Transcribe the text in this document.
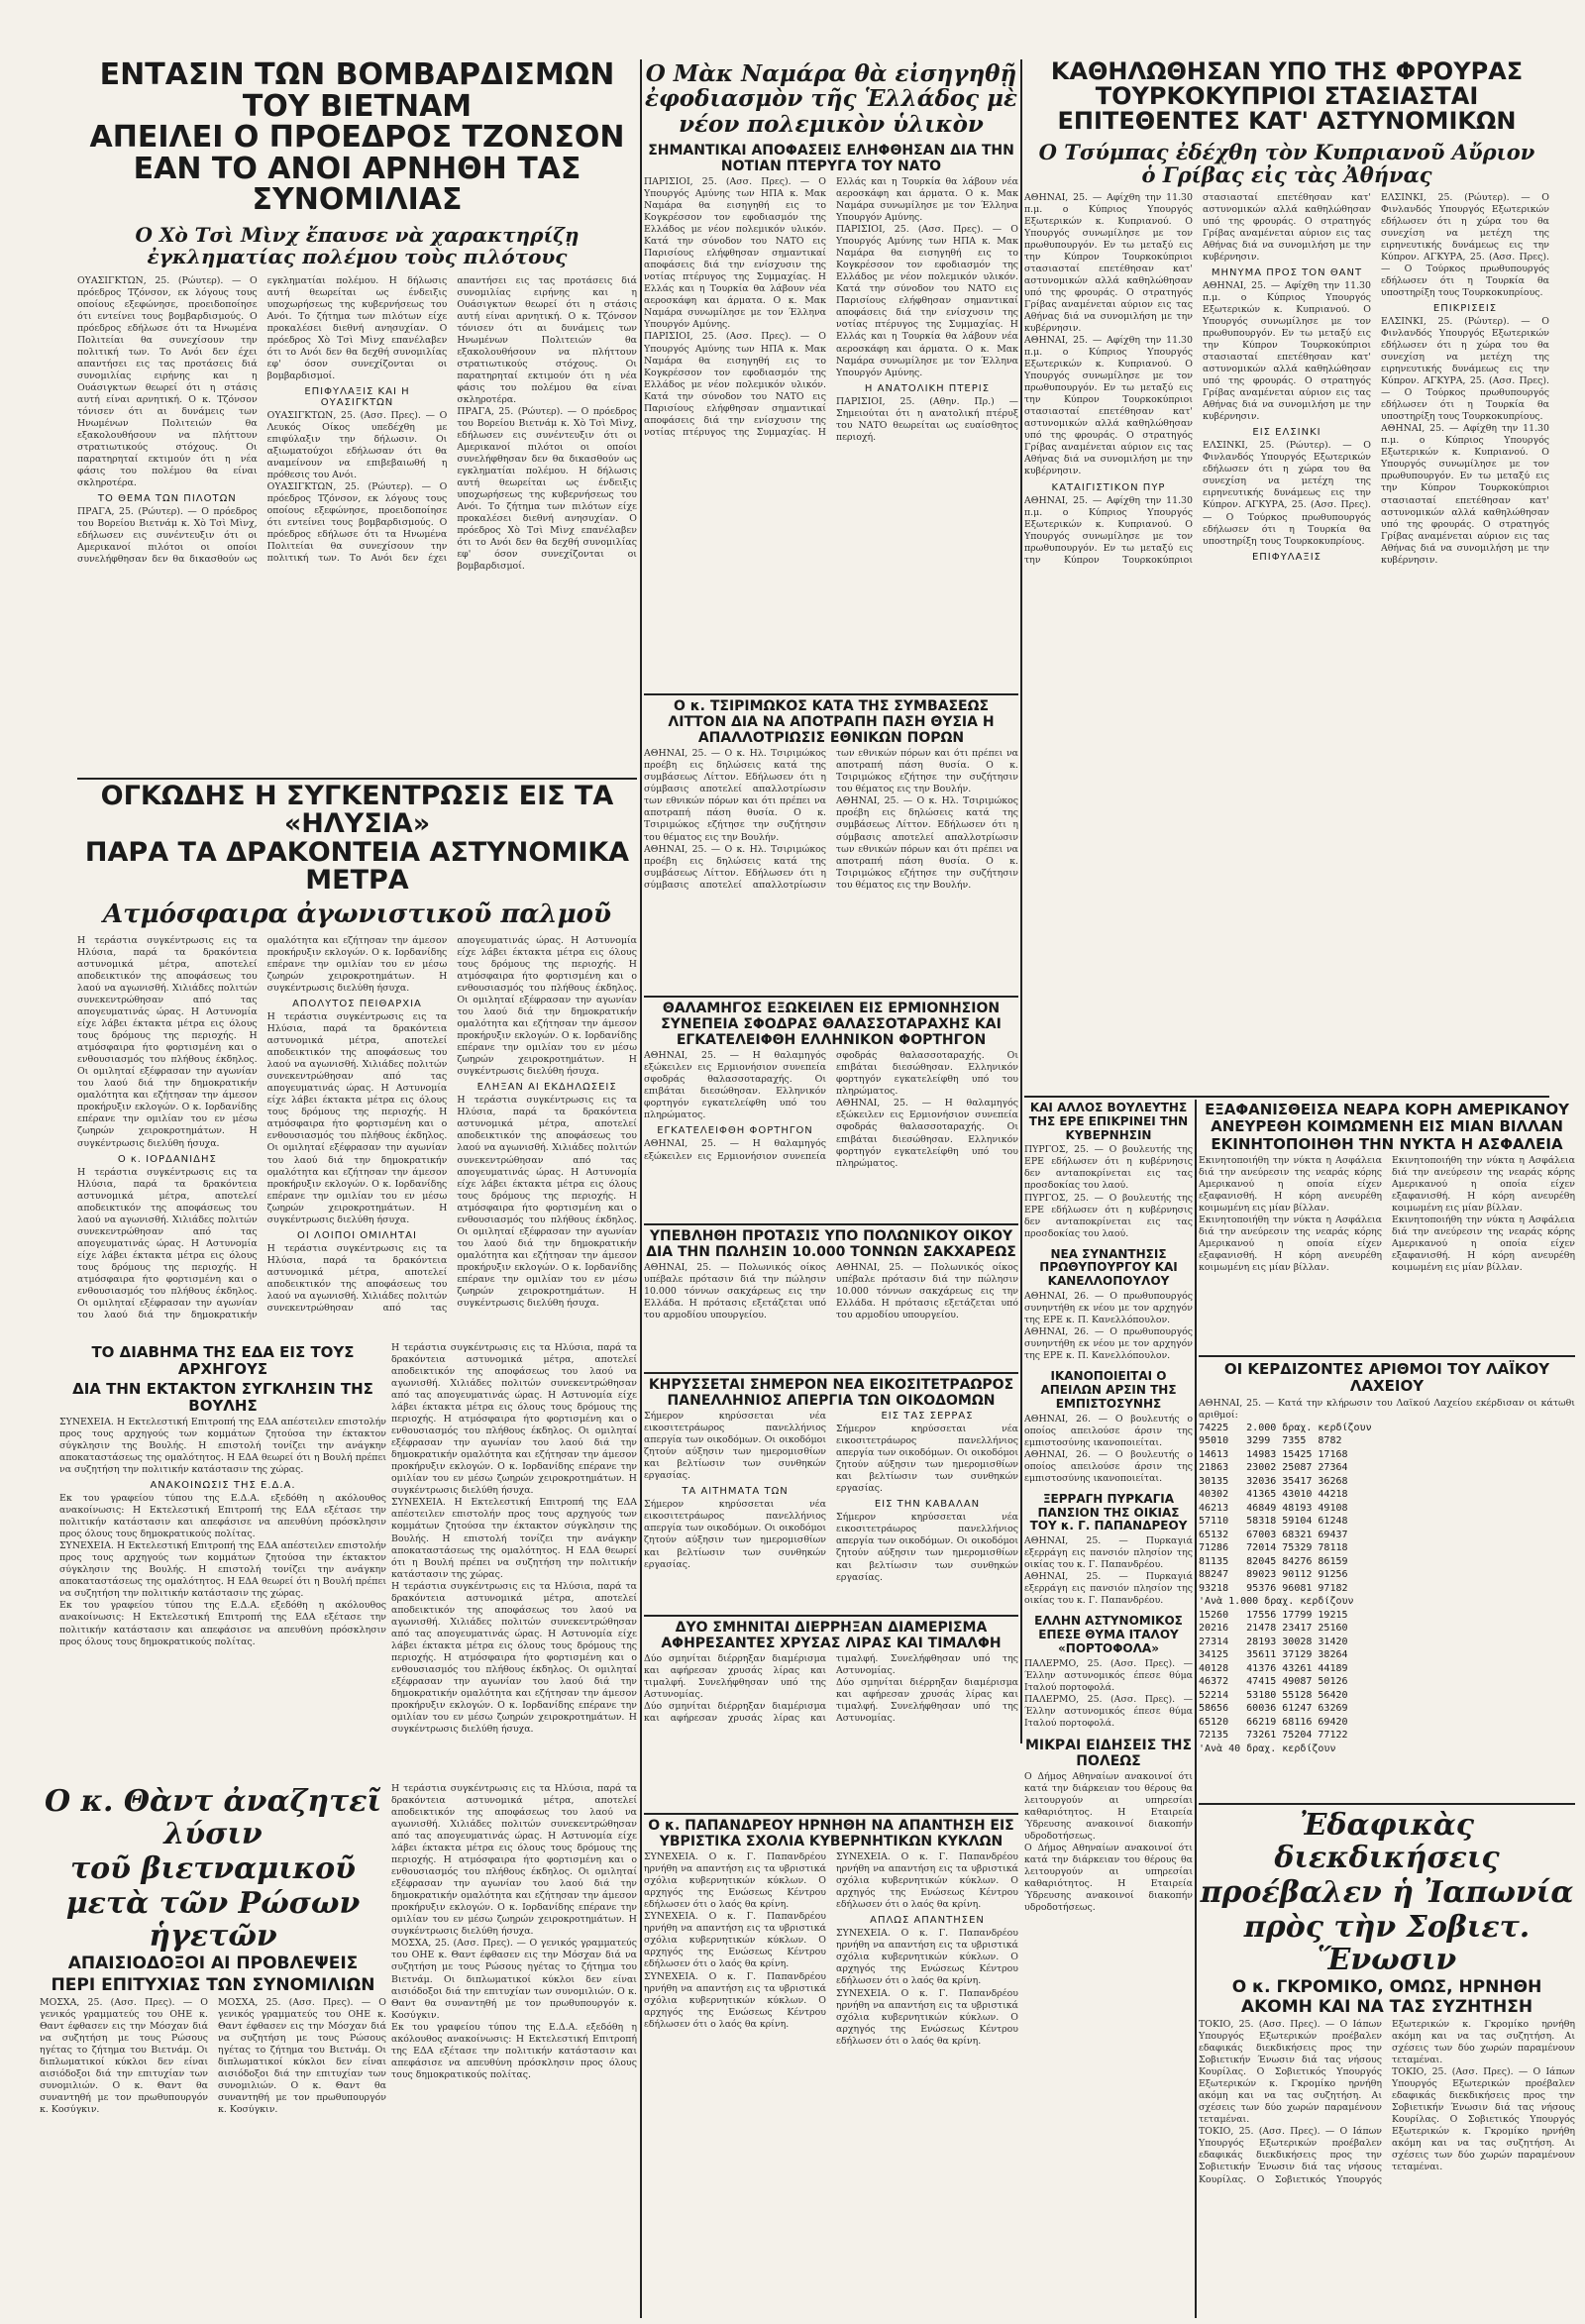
ΕΝΤΑΣΙΝ ΤΩΝ ΒΟΜΒΑΡΔΙΣΜΩΝ ΤΟΥ ΒΙΕΤΝΑΜ

ΑΠΕΙΛΕΙ Ο ΠΡΟΕΔΡΟΣ ΤΖΟΝΣΟΝ

ΕΑΝ ΤΟ ΑΝΟΙ ΑΡΝΗΘΗ ΤΑΣ ΣΥΝΟΜΙΛΙΑΣ

Ο Χὸ Τσὶ Μὶνχ ἔπαυσε νὰ χαρακτηρίζῃ ἐγκληματίας πολέμου τοὺς πιλότους

ΟΥΑΣΙΓΚΤΩΝ, 25. (Ρώυτερ). — Ο πρόεδρος Τζόνσον, εκ λόγους τους οποίους εξεφώνησε, προειδοποίησε ότι εντείνει τους βομβαρδισμούς. Ο πρόεδρος εδήλωσε ότι τα Ηνωμένα Πολιτείαι θα συνεχίσουν την πολιτική των. Το Ανόι δεν έχει απαντήσει εις τας προτάσεις διά συνομιλίας ειρήνης και η Ουάσιγκτων θεωρεί ότι η στάσις αυτή είναι αρνητική. Ο κ. Τζόνσον τόνισεν ότι αι δυνάμεις των Ηνωμένων Πολιτειών θα εξακολουθήσουν να πλήττουν στρατιωτικούς στόχους. Οι παρατηρηταί εκτιμούν ότι η νέα φάσις του πολέμου θα είναι σκληροτέρα.

ΤΟ ΘΕΜΑ ΤΩΝ ΠΙΛΟΤΩΝ

ΠΡΑΓΑ, 25. (Ρώυτερ). — Ο πρόεδρος του Βορείου Βιετνάμ κ. Χὸ Τσὶ Μὶνχ, εδήλωσεν εις συνέντευξιν ότι οι Αμερικανοί πιλότοι οι οποίοι συνελήφθησαν δεν θα δικασθούν ως εγκληματίαι πολέμου. Η δήλωσις αυτή θεωρείται ως ένδειξις υποχωρήσεως της κυβερνήσεως του Ανόι. Το ζήτημα των πιλότων είχε προκαλέσει διεθνή ανησυχίαν. Ο πρόεδρος Χὸ Τσὶ Μὶνχ επανέλαβεν ότι το Ανόι δεν θα δεχθή συνομιλίας εφ' όσον συνεχίζονται οι βομβαρδισμοί.

ΕΠΙΦΥΛΑΞΙΣ ΚΑΙ Η ΟΥΑΣΙΓΚΤΩΝ

ΟΥΑΣΙΓΚΤΩΝ, 25. (Ασσ. Πρες). — Ο Λευκός Οίκος υπεδέχθη με επιφύλαξιν την δήλωσιν. Οι αξιωματούχοι εδήλωσαν ότι θα αναμείνουν να επιβεβαιωθή η πρόθεσις του Ανόι.

ΟΥΑΣΙΓΚΤΩΝ, 25. (Ρώυτερ). — Ο πρόεδρος Τζόνσον, εκ λόγους τους οποίους εξεφώνησε, προειδοποίησε ότι εντείνει τους βομβαρδισμούς. Ο πρόεδρος εδήλωσε ότι τα Ηνωμένα Πολιτείαι θα συνεχίσουν την πολιτική των. Το Ανόι δεν έχει απαντήσει εις τας προτάσεις διά συνομιλίας ειρήνης και η Ουάσιγκτων θεωρεί ότι η στάσις αυτή είναι αρνητική. Ο κ. Τζόνσον τόνισεν ότι αι δυνάμεις των Ηνωμένων Πολιτειών θα εξακολουθήσουν να πλήττουν στρατιωτικούς στόχους. Οι παρατηρηταί εκτιμούν ότι η νέα φάσις του πολέμου θα είναι σκληροτέρα.

ΠΡΑΓΑ, 25. (Ρώυτερ). — Ο πρόεδρος του Βορείου Βιετνάμ κ. Χὸ Τσὶ Μὶνχ, εδήλωσεν εις συνέντευξιν ότι οι Αμερικανοί πιλότοι οι οποίοι συνελήφθησαν δεν θα δικασθούν ως εγκληματίαι πολέμου. Η δήλωσις αυτή θεωρείται ως ένδειξις υποχωρήσεως της κυβερνήσεως του Ανόι. Το ζήτημα των πιλότων είχε προκαλέσει διεθνή ανησυχίαν. Ο πρόεδρος Χὸ Τσὶ Μὶνχ επανέλαβεν ότι το Ανόι δεν θα δεχθή συνομιλίας εφ' όσον συνεχίζονται οι βομβαρδισμοί.

ΟΓΚΩΔΗΣ Η ΣΥΓΚΕΝΤΡΩΣΙΣ ΕΙΣ ΤΑ «ΗΛΥΣΙΑ»

ΠΑΡΑ ΤΑ ΔΡΑΚΟΝΤΕΙΑ ΑΣΤΥΝΟΜΙΚΑ ΜΕΤΡΑ

Ατμόσφαιρα ἀγωνιστικοῦ παλμοῦ

Η τεράστια συγκέντρωσις εις τα Ηλύσια, παρά τα δρακόντεια αστυνομικά μέτρα, αποτελεί αποδεικτικόν της αποφάσεως του λαού να αγωνισθή. Χιλιάδες πολιτών συνεκεντρώθησαν από τας απογευματινάς ώρας. Η Αστυνομία είχε λάβει έκτακτα μέτρα εις όλους τους δρόμους της περιοχής. Η ατμόσφαιρα ήτο φορτισμένη και ο ενθουσιασμός του πλήθους έκδηλος. Οι ομιληταί εξέφρασαν την αγωνίαν του λαού διά την δημοκρατικήν ομαλότητα και εζήτησαν την άμεσον προκήρυξιν εκλογών. Ο κ. Ιορδανίδης επέρανε την ομιλίαν του εν μέσω ζωηρών χειροκροτημάτων. Η συγκέντρωσις διελύθη ήσυχα.

Ο κ. ΙΟΡΔΑΝΙΔΗΣ

Η τεράστια συγκέντρωσις εις τα Ηλύσια, παρά τα δρακόντεια αστυνομικά μέτρα, αποτελεί αποδεικτικόν της αποφάσεως του λαού να αγωνισθή. Χιλιάδες πολιτών συνεκεντρώθησαν από τας απογευματινάς ώρας. Η Αστυνομία είχε λάβει έκτακτα μέτρα εις όλους τους δρόμους της περιοχής. Η ατμόσφαιρα ήτο φορτισμένη και ο ενθουσιασμός του πλήθους έκδηλος. Οι ομιληταί εξέφρασαν την αγωνίαν του λαού διά την δημοκρατικήν ομαλότητα και εζήτησαν την άμεσον προκήρυξιν εκλογών. Ο κ. Ιορδανίδης επέρανε την ομιλίαν του εν μέσω ζωηρών χειροκροτημάτων. Η συγκέντρωσις διελύθη ήσυχα.

ΑΠΟΛΥΤΟΣ ΠΕΙΘΑΡΧΙΑ

Η τεράστια συγκέντρωσις εις τα Ηλύσια, παρά τα δρακόντεια αστυνομικά μέτρα, αποτελεί αποδεικτικόν της αποφάσεως του λαού να αγωνισθή. Χιλιάδες πολιτών συνεκεντρώθησαν από τας απογευματινάς ώρας. Η Αστυνομία είχε λάβει έκτακτα μέτρα εις όλους τους δρόμους της περιοχής. Η ατμόσφαιρα ήτο φορτισμένη και ο ενθουσιασμός του πλήθους έκδηλος. Οι ομιληταί εξέφρασαν την αγωνίαν του λαού διά την δημοκρατικήν ομαλότητα και εζήτησαν την άμεσον προκήρυξιν εκλογών. Ο κ. Ιορδανίδης επέρανε την ομιλίαν του εν μέσω ζωηρών χειροκροτημάτων. Η συγκέντρωσις διελύθη ήσυχα.

ΟΙ ΛΟΙΠΟΙ ΟΜΙΛΗΤΑΙ

Η τεράστια συγκέντρωσις εις τα Ηλύσια, παρά τα δρακόντεια αστυνομικά μέτρα, αποτελεί αποδεικτικόν της αποφάσεως του λαού να αγωνισθή. Χιλιάδες πολιτών συνεκεντρώθησαν από τας απογευματινάς ώρας. Η Αστυνομία είχε λάβει έκτακτα μέτρα εις όλους τους δρόμους της περιοχής. Η ατμόσφαιρα ήτο φορτισμένη και ο ενθουσιασμός του πλήθους έκδηλος. Οι ομιληταί εξέφρασαν την αγωνίαν του λαού διά την δημοκρατικήν ομαλότητα και εζήτησαν την άμεσον προκήρυξιν εκλογών. Ο κ. Ιορδανίδης επέρανε την ομιλίαν του εν μέσω ζωηρών χειροκροτημάτων. Η συγκέντρωσις διελύθη ήσυχα.

ΕΛΗΞΑΝ ΑΙ ΕΚΔΗΛΩΣΕΙΣ

Η τεράστια συγκέντρωσις εις τα Ηλύσια, παρά τα δρακόντεια αστυνομικά μέτρα, αποτελεί αποδεικτικόν της αποφάσεως του λαού να αγωνισθή. Χιλιάδες πολιτών συνεκεντρώθησαν από τας απογευματινάς ώρας. Η Αστυνομία είχε λάβει έκτακτα μέτρα εις όλους τους δρόμους της περιοχής. Η ατμόσφαιρα ήτο φορτισμένη και ο ενθουσιασμός του πλήθους έκδηλος. Οι ομιληταί εξέφρασαν την αγωνίαν του λαού διά την δημοκρατικήν ομαλότητα και εζήτησαν την άμεσον προκήρυξιν εκλογών. Ο κ. Ιορδανίδης επέρανε την ομιλίαν του εν μέσω ζωηρών χειροκροτημάτων. Η συγκέντρωσις διελύθη ήσυχα.

ΤΟ ΔΙΑΒΗΜΑ ΤΗΣ ΕΔΑ ΕΙΣ ΤΟΥΣ ΑΡΧΗΓΟΥΣ

ΔΙΑ ΤΗΝ ΕΚΤΑΚΤΟΝ ΣΥΓΚΛΗΣΙΝ ΤΗΣ ΒΟΥΛΗΣ

ΣΥΝΕΧΕΙΑ. Η Εκτελεστική Επιτροπή της ΕΔΑ απέστειλεν επιστολήν προς τους αρχηγούς των κομμάτων ζητούσα την έκτακτον σύγκλησιν της Βουλής. Η επιστολή τονίζει την ανάγκην αποκαταστάσεως της ομαλότητος. Η ΕΔΑ θεωρεί ότι η Βουλή πρέπει να συζητήση την πολιτικήν κατάστασιν της χώρας.

ΑΝΑΚΟΙΝΩΣΙΣ ΤΗΣ Ε.Δ.Α.

Εκ του γραφείου τύπου της Ε.Δ.Α. εξεδόθη η ακόλουθος ανακοίνωσις: Η Εκτελεστική Επιτροπή της ΕΔΑ εξέτασε την πολιτικήν κατάστασιν και απεφάσισε να απευθύνη πρόσκλησιν προς όλους τους δημοκρατικούς πολίτας.

ΣΥΝΕΧΕΙΑ. Η Εκτελεστική Επιτροπή της ΕΔΑ απέστειλεν επιστολήν προς τους αρχηγούς των κομμάτων ζητούσα την έκτακτον σύγκλησιν της Βουλής. Η επιστολή τονίζει την ανάγκην αποκαταστάσεως της ομαλότητος. Η ΕΔΑ θεωρεί ότι η Βουλή πρέπει να συζητήση την πολιτικήν κατάστασιν της χώρας.

Εκ του γραφείου τύπου της Ε.Δ.Α. εξεδόθη η ακόλουθος ανακοίνωσις: Η Εκτελεστική Επιτροπή της ΕΔΑ εξέτασε την πολιτικήν κατάστασιν και απεφάσισε να απευθύνη πρόσκλησιν προς όλους τους δημοκρατικούς πολίτας.

Η τεράστια συγκέντρωσις εις τα Ηλύσια, παρά τα δρακόντεια αστυνομικά μέτρα, αποτελεί αποδεικτικόν της αποφάσεως του λαού να αγωνισθή. Χιλιάδες πολιτών συνεκεντρώθησαν από τας απογευματινάς ώρας. Η Αστυνομία είχε λάβει έκτακτα μέτρα εις όλους τους δρόμους της περιοχής. Η ατμόσφαιρα ήτο φορτισμένη και ο ενθουσιασμός του πλήθους έκδηλος. Οι ομιληταί εξέφρασαν την αγωνίαν του λαού διά την δημοκρατικήν ομαλότητα και εζήτησαν την άμεσον προκήρυξιν εκλογών. Ο κ. Ιορδανίδης επέρανε την ομιλίαν του εν μέσω ζωηρών χειροκροτημάτων. Η συγκέντρωσις διελύθη ήσυχα.

ΣΥΝΕΧΕΙΑ. Η Εκτελεστική Επιτροπή της ΕΔΑ απέστειλεν επιστολήν προς τους αρχηγούς των κομμάτων ζητούσα την έκτακτον σύγκλησιν της Βουλής. Η επιστολή τονίζει την ανάγκην αποκαταστάσεως της ομαλότητος. Η ΕΔΑ θεωρεί ότι η Βουλή πρέπει να συζητήση την πολιτικήν κατάστασιν της χώρας.

Η τεράστια συγκέντρωσις εις τα Ηλύσια, παρά τα δρακόντεια αστυνομικά μέτρα, αποτελεί αποδεικτικόν της αποφάσεως του λαού να αγωνισθή. Χιλιάδες πολιτών συνεκεντρώθησαν από τας απογευματινάς ώρας. Η Αστυνομία είχε λάβει έκτακτα μέτρα εις όλους τους δρόμους της περιοχής. Η ατμόσφαιρα ήτο φορτισμένη και ο ενθουσιασμός του πλήθους έκδηλος. Οι ομιληταί εξέφρασαν την αγωνίαν του λαού διά την δημοκρατικήν ομαλότητα και εζήτησαν την άμεσον προκήρυξιν εκλογών. Ο κ. Ιορδανίδης επέρανε την ομιλίαν του εν μέσω ζωηρών χειροκροτημάτων. Η συγκέντρωσις διελύθη ήσυχα.

Ο κ. Θὰντ ἀναζητεῖ λύσιν

τοῦ βιετναμικοῦ

μετὰ τῶν Ρώσων ἡγετῶν

ΑΠΑΙΣΙΟΔΟΞΟΙ ΑΙ ΠΡΟΒΛΕΨΕΙΣ

ΠΕΡΙ ΕΠΙΤΥΧΙΑΣ ΤΩΝ ΣΥΝΟΜΙΛΙΩΝ

ΜΟΣΧΑ, 25. (Ασσ. Πρες). — Ο γενικός γραμματεύς του ΟΗΕ κ. Θαντ έφθασεν εις την Μόσχαν διά να συζητήση με τους Ρώσους ηγέτας το ζήτημα του Βιετνάμ. Οι διπλωματικοί κύκλοι δεν είναι αισιόδοξοι διά την επιτυχίαν των συνομιλιών. Ο κ. Θαντ θα συναντηθή με τον πρωθυπουργόν κ. Κοσύγκιν.

ΜΟΣΧΑ, 25. (Ασσ. Πρες). — Ο γενικός γραμματεύς του ΟΗΕ κ. Θαντ έφθασεν εις την Μόσχαν διά να συζητήση με τους Ρώσους ηγέτας το ζήτημα του Βιετνάμ. Οι διπλωματικοί κύκλοι δεν είναι αισιόδοξοι διά την επιτυχίαν των συνομιλιών. Ο κ. Θαντ θα συναντηθή με τον πρωθυπουργόν κ. Κοσύγκιν.

Η τεράστια συγκέντρωσις εις τα Ηλύσια, παρά τα δρακόντεια αστυνομικά μέτρα, αποτελεί αποδεικτικόν της αποφάσεως του λαού να αγωνισθή. Χιλιάδες πολιτών συνεκεντρώθησαν από τας απογευματινάς ώρας. Η Αστυνομία είχε λάβει έκτακτα μέτρα εις όλους τους δρόμους της περιοχής. Η ατμόσφαιρα ήτο φορτισμένη και ο ενθουσιασμός του πλήθους έκδηλος. Οι ομιληταί εξέφρασαν την αγωνίαν του λαού διά την δημοκρατικήν ομαλότητα και εζήτησαν την άμεσον προκήρυξιν εκλογών. Ο κ. Ιορδανίδης επέρανε την ομιλίαν του εν μέσω ζωηρών χειροκροτημάτων. Η συγκέντρωσις διελύθη ήσυχα.

ΜΟΣΧΑ, 25. (Ασσ. Πρες). — Ο γενικός γραμματεύς του ΟΗΕ κ. Θαντ έφθασεν εις την Μόσχαν διά να συζητήση με τους Ρώσους ηγέτας το ζήτημα του Βιετνάμ. Οι διπλωματικοί κύκλοι δεν είναι αισιόδοξοι διά την επιτυχίαν των συνομιλιών. Ο κ. Θαντ θα συναντηθή με τον πρωθυπουργόν κ. Κοσύγκιν.

Εκ του γραφείου τύπου της Ε.Δ.Α. εξεδόθη η ακόλουθος ανακοίνωσις: Η Εκτελεστική Επιτροπή της ΕΔΑ εξέτασε την πολιτικήν κατάστασιν και απεφάσισε να απευθύνη πρόσκλησιν προς όλους τους δημοκρατικούς πολίτας.

Ο Μὰκ Ναμάρα θὰ εἰσηγηθῇ ἐφοδιασμὸν τῆς Ἑλλάδος μὲ νέον πολεμικὸν ὑλικὸν

ΣΗΜΑΝΤΙΚΑΙ ΑΠΟΦΑΣΕΙΣ ΕΛΗΦΘΗΣΑΝ ΔΙΑ ΤΗΝ ΝΟΤΙΑΝ ΠΤΕΡΥΓΑ ΤΟΥ ΝΑΤΟ

ΠΑΡΙΣΙΟΙ, 25. (Ασσ. Πρες). — Ο Υπουργός Αμύνης των ΗΠΑ κ. Μακ Ναμάρα θα εισηγηθή εις το Κογκρέσσον τον εφοδιασμόν της Ελλάδος με νέον πολεμικόν υλικόν. Κατά την σύνοδον του ΝΑΤΟ εις Παρισίους ελήφθησαν σημαντικαί αποφάσεις διά την ενίσχυσιν της νοτίας πτέρυγος της Συμμαχίας. Η Ελλάς και η Τουρκία θα λάβουν νέα αεροσκάφη και άρματα. Ο κ. Μακ Ναμάρα συνωμίλησε με τον Έλληνα Υπουργόν Αμύνης.

ΠΑΡΙΣΙΟΙ, 25. (Ασσ. Πρες). — Ο Υπουργός Αμύνης των ΗΠΑ κ. Μακ Ναμάρα θα εισηγηθή εις το Κογκρέσσον τον εφοδιασμόν της Ελλάδος με νέον πολεμικόν υλικόν. Κατά την σύνοδον του ΝΑΤΟ εις Παρισίους ελήφθησαν σημαντικαί αποφάσεις διά την ενίσχυσιν της νοτίας πτέρυγος της Συμμαχίας. Η Ελλάς και η Τουρκία θα λάβουν νέα αεροσκάφη και άρματα. Ο κ. Μακ Ναμάρα συνωμίλησε με τον Έλληνα Υπουργόν Αμύνης.

ΠΑΡΙΣΙΟΙ, 25. (Ασσ. Πρες). — Ο Υπουργός Αμύνης των ΗΠΑ κ. Μακ Ναμάρα θα εισηγηθή εις το Κογκρέσσον τον εφοδιασμόν της Ελλάδος με νέον πολεμικόν υλικόν. Κατά την σύνοδον του ΝΑΤΟ εις Παρισίους ελήφθησαν σημαντικαί αποφάσεις διά την ενίσχυσιν της νοτίας πτέρυγος της Συμμαχίας. Η Ελλάς και η Τουρκία θα λάβουν νέα αεροσκάφη και άρματα. Ο κ. Μακ Ναμάρα συνωμίλησε με τον Έλληνα Υπουργόν Αμύνης.

Η ΑΝΑΤΟΛΙΚΗ ΠΤΕΡΙΣ

ΠΑΡΙΣΙΟΙ, 25. (Αθην. Πρ.) — Σημειούται ότι η ανατολική πτέρυξ του ΝΑΤΟ θεωρείται ως ευαίσθητος περιοχή.

Ο κ. ΤΣΙΡΙΜΩΚΟΣ ΚΑΤΑ ΤΗΣ ΣΥΜΒΑΣΕΩΣ ΛΙΤΤΟΝ ΔΙΑ ΝΑ ΑΠΟΤΡΑΠΗ ΠΑΣΗ ΘΥΣΙΑ Η ΑΠΑΛΛΟΤΡΙΩΣΙΣ ΕΘΝΙΚΩΝ ΠΟΡΩΝ

ΑΘΗΝΑΙ, 25. — Ο κ. Ηλ. Τσιριμώκος προέβη εις δηλώσεις κατά της συμβάσεως Λίττον. Εδήλωσεν ότι η σύμβασις αποτελεί απαλλοτρίωσιν των εθνικών πόρων και ότι πρέπει να αποτραπή πάση θυσία. Ο κ. Τσιριμώκος εζήτησε την συζήτησιν του θέματος εις την Βουλήν.

ΑΘΗΝΑΙ, 25. — Ο κ. Ηλ. Τσιριμώκος προέβη εις δηλώσεις κατά της συμβάσεως Λίττον. Εδήλωσεν ότι η σύμβασις αποτελεί απαλλοτρίωσιν των εθνικών πόρων και ότι πρέπει να αποτραπή πάση θυσία. Ο κ. Τσιριμώκος εζήτησε την συζήτησιν του θέματος εις την Βουλήν.

ΑΘΗΝΑΙ, 25. — Ο κ. Ηλ. Τσιριμώκος προέβη εις δηλώσεις κατά της συμβάσεως Λίττον. Εδήλωσεν ότι η σύμβασις αποτελεί απαλλοτρίωσιν των εθνικών πόρων και ότι πρέπει να αποτραπή πάση θυσία. Ο κ. Τσιριμώκος εζήτησε την συζήτησιν του θέματος εις την Βουλήν.

ΘΑΛΑΜΗΓΟΣ ΕΞΩΚΕΙΛΕΝ ΕΙΣ ΕΡΜΙΟΝΗΣΙΟΝ ΣΥΝΕΠΕΙΑ ΣΦΟΔΡΑΣ ΘΑΛΑΣΣΟΤΑΡΑΧΗΣ ΚΑΙ ΕΓΚΑΤΕΛΕΙΦΘΗ ΕΛΛΗΝΙΚΟΝ ΦΟΡΤΗΓΟΝ

ΑΘΗΝΑΙ, 25. — Η θαλαμηγός εξώκειλεν εις Ερμιονήσιον συνεπεία σφοδράς θαλασσοταραχής. Οι επιβάται διεσώθησαν. Ελληνικόν φορτηγόν εγκατελείφθη υπό του πληρώματος.

ΕΓΚΑΤΕΛΕΙΦΘΗ ΦΟΡΤΗΓΟΝ

ΑΘΗΝΑΙ, 25. — Η θαλαμηγός εξώκειλεν εις Ερμιονήσιον συνεπεία σφοδράς θαλασσοταραχής. Οι επιβάται διεσώθησαν. Ελληνικόν φορτηγόν εγκατελείφθη υπό του πληρώματος.

ΑΘΗΝΑΙ, 25. — Η θαλαμηγός εξώκειλεν εις Ερμιονήσιον συνεπεία σφοδράς θαλασσοταραχής. Οι επιβάται διεσώθησαν. Ελληνικόν φορτηγόν εγκατελείφθη υπό του πληρώματος.

ΥΠΕΒΛΗΘΗ ΠΡΟΤΑΣΙΣ ΥΠΟ ΠΟΛΩΝΙΚΟΥ ΟΙΚΟΥ ΔΙΑ ΤΗΝ ΠΩΛΗΣΙΝ 10.000 ΤΟΝΝΩΝ ΣΑΚΧΑΡΕΩΣ

ΑΘΗΝΑΙ, 25. — Πολωνικός οίκος υπέβαλε πρότασιν διά την πώλησιν 10.000 τόννων σακχάρεως εις την Ελλάδα. Η πρότασις εξετάζεται υπό του αρμοδίου υπουργείου.

ΑΘΗΝΑΙ, 25. — Πολωνικός οίκος υπέβαλε πρότασιν διά την πώλησιν 10.000 τόννων σακχάρεως εις την Ελλάδα. Η πρότασις εξετάζεται υπό του αρμοδίου υπουργείου.

ΚΗΡΥΣΣΕΤΑΙ ΣΗΜΕΡΟΝ ΝΕΑ ΕΙΚΟΣΙΤΕΤΡΑΩΡΟΣ ΠΑΝΕΛΛΗΝΙΟΣ ΑΠΕΡΓΙΑ ΤΩΝ ΟΙΚΟΔΟΜΩΝ

Σήμερον κηρύσσεται νέα εικοσιτετράωρος πανελλήνιος απεργία των οικοδόμων. Οι οικοδόμοι ζητούν αύξησιν των ημερομισθίων και βελτίωσιν των συνθηκών εργασίας.

ΤΑ ΑΙΤΗΜΑΤΑ ΤΩΝ

Σήμερον κηρύσσεται νέα εικοσιτετράωρος πανελλήνιος απεργία των οικοδόμων. Οι οικοδόμοι ζητούν αύξησιν των ημερομισθίων και βελτίωσιν των συνθηκών εργασίας.

ΕΙΣ ΤΑΣ ΣΕΡΡΑΣ

Σήμερον κηρύσσεται νέα εικοσιτετράωρος πανελλήνιος απεργία των οικοδόμων. Οι οικοδόμοι ζητούν αύξησιν των ημερομισθίων και βελτίωσιν των συνθηκών εργασίας.

ΕΙΣ ΤΗΝ ΚΑΒΑΛΑΝ

Σήμερον κηρύσσεται νέα εικοσιτετράωρος πανελλήνιος απεργία των οικοδόμων. Οι οικοδόμοι ζητούν αύξησιν των ημερομισθίων και βελτίωσιν των συνθηκών εργασίας.

ΔΥΟ ΣΜΗΝΙΤΑΙ ΔΙΕΡΡΗΞΑΝ ΔΙΑΜΕΡΙΣΜΑ ΑΦΗΡΕΣΑΝΤΕΣ ΧΡΥΣΑΣ ΛΙΡΑΣ ΚΑΙ ΤΙΜΑΛΦΗ

Δύο σμηνίται διέρρηξαν διαμέρισμα και αφήρεσαν χρυσάς λίρας και τιμαλφή. Συνελήφθησαν υπό της Αστυνομίας.

Δύο σμηνίται διέρρηξαν διαμέρισμα και αφήρεσαν χρυσάς λίρας και τιμαλφή. Συνελήφθησαν υπό της Αστυνομίας.

Δύο σμηνίται διέρρηξαν διαμέρισμα και αφήρεσαν χρυσάς λίρας και τιμαλφή. Συνελήφθησαν υπό της Αστυνομίας.

Ο κ. ΠΑΠΑΝΔΡΕΟΥ ΗΡΝΗΘΗ ΝΑ ΑΠΑΝΤΗΣΗ ΕΙΣ ΥΒΡΙΣΤΙΚΑ ΣΧΟΛΙΑ ΚΥΒΕΡΝΗΤΙΚΩΝ ΚΥΚΛΩΝ

ΣΥΝΕΧΕΙΑ. Ο κ. Γ. Παπανδρέου ηρνήθη να απαντήση εις τα υβριστικά σχόλια κυβερνητικών κύκλων. Ο αρχηγός της Ενώσεως Κέντρου εδήλωσεν ότι ο λαός θα κρίνη.

ΣΥΝΕΧΕΙΑ. Ο κ. Γ. Παπανδρέου ηρνήθη να απαντήση εις τα υβριστικά σχόλια κυβερνητικών κύκλων. Ο αρχηγός της Ενώσεως Κέντρου εδήλωσεν ότι ο λαός θα κρίνη.

ΣΥΝΕΧΕΙΑ. Ο κ. Γ. Παπανδρέου ηρνήθη να απαντήση εις τα υβριστικά σχόλια κυβερνητικών κύκλων. Ο αρχηγός της Ενώσεως Κέντρου εδήλωσεν ότι ο λαός θα κρίνη.

ΣΥΝΕΧΕΙΑ. Ο κ. Γ. Παπανδρέου ηρνήθη να απαντήση εις τα υβριστικά σχόλια κυβερνητικών κύκλων. Ο αρχηγός της Ενώσεως Κέντρου εδήλωσεν ότι ο λαός θα κρίνη.

ΑΠΛΩΣ ΑΠΑΝΤΗΣΕΝ

ΣΥΝΕΧΕΙΑ. Ο κ. Γ. Παπανδρέου ηρνήθη να απαντήση εις τα υβριστικά σχόλια κυβερνητικών κύκλων. Ο αρχηγός της Ενώσεως Κέντρου εδήλωσεν ότι ο λαός θα κρίνη.

ΣΥΝΕΧΕΙΑ. Ο κ. Γ. Παπανδρέου ηρνήθη να απαντήση εις τα υβριστικά σχόλια κυβερνητικών κύκλων. Ο αρχηγός της Ενώσεως Κέντρου εδήλωσεν ότι ο λαός θα κρίνη.

ΚΑΘΗΛΩΘΗΣΑΝ ΥΠΟ ΤΗΣ ΦΡΟΥΡΑΣ ΤΟΥΡΚΟΚΥΠΡΙΟΙ ΣΤΑΣΙΑΣΤΑΙ ΕΠΙΤΕΘΕΝΤΕΣ ΚΑΤ' ΑΣΤΥΝΟΜΙΚΩΝ

Ο Τσύμπας ἐδέχθη τὸν Κυπριανοῦ Αὔριον ὁ Γρίβας εἰς τὰς Ἀθήνας

ΑΘΗΝΑΙ, 25. — Αφίχθη την 11.30 π.μ. ο Κύπριος Υπουργός Εξωτερικών κ. Κυπριανού. Ο Υπουργός συνωμίλησε με τον πρωθυπουργόν. Εν τω μεταξύ εις την Κύπρον Τουρκοκύπριοι στασιασταί επετέθησαν κατ' αστυνομικών αλλά καθηλώθησαν υπό της φρουράς. Ο στρατηγός Γρίβας αναμένεται αύριον εις τας Αθήνας διά να συνομιλήση με την κυβέρνησιν.

ΑΘΗΝΑΙ, 25. — Αφίχθη την 11.30 π.μ. ο Κύπριος Υπουργός Εξωτερικών κ. Κυπριανού. Ο Υπουργός συνωμίλησε με τον πρωθυπουργόν. Εν τω μεταξύ εις την Κύπρον Τουρκοκύπριοι στασιασταί επετέθησαν κατ' αστυνομικών αλλά καθηλώθησαν υπό της φρουράς. Ο στρατηγός Γρίβας αναμένεται αύριον εις τας Αθήνας διά να συνομιλήση με την κυβέρνησιν.

ΚΑΤΑΙΓΙΣΤΙΚΟΝ ΠΥΡ

ΑΘΗΝΑΙ, 25. — Αφίχθη την 11.30 π.μ. ο Κύπριος Υπουργός Εξωτερικών κ. Κυπριανού. Ο Υπουργός συνωμίλησε με τον πρωθυπουργόν. Εν τω μεταξύ εις την Κύπρον Τουρκοκύπριοι στασιασταί επετέθησαν κατ' αστυνομικών αλλά καθηλώθησαν υπό της φρουράς. Ο στρατηγός Γρίβας αναμένεται αύριον εις τας Αθήνας διά να συνομιλήση με την κυβέρνησιν.

ΜΗΝΥΜΑ ΠΡΟΣ ΤΟΝ ΘΑΝΤ

ΑΘΗΝΑΙ, 25. — Αφίχθη την 11.30 π.μ. ο Κύπριος Υπουργός Εξωτερικών κ. Κυπριανού. Ο Υπουργός συνωμίλησε με τον πρωθυπουργόν. Εν τω μεταξύ εις την Κύπρον Τουρκοκύπριοι στασιασταί επετέθησαν κατ' αστυνομικών αλλά καθηλώθησαν υπό της φρουράς. Ο στρατηγός Γρίβας αναμένεται αύριον εις τας Αθήνας διά να συνομιλήση με την κυβέρνησιν.

ΕΙΣ ΕΛΣΙΝΚΙ

ΕΛΣΙΝΚΙ, 25. (Ρώυτερ). — Ο Φινλανδός Υπουργός Εξωτερικών εδήλωσεν ότι η χώρα του θα συνεχίση να μετέχη της ειρηνευτικής δυνάμεως εις την Κύπρον. ΑΓΚΥΡΑ, 25. (Ασσ. Πρες). — Ο Τούρκος πρωθυπουργός εδήλωσεν ότι η Τουρκία θα υποστηρίξη τους Τουρκοκυπρίους.

ΕΠΙΦΥΛΑΞΙΣ

ΕΛΣΙΝΚΙ, 25. (Ρώυτερ). — Ο Φινλανδός Υπουργός Εξωτερικών εδήλωσεν ότι η χώρα του θα συνεχίση να μετέχη της ειρηνευτικής δυνάμεως εις την Κύπρον. ΑΓΚΥΡΑ, 25. (Ασσ. Πρες). — Ο Τούρκος πρωθυπουργός εδήλωσεν ότι η Τουρκία θα υποστηρίξη τους Τουρκοκυπρίους.

ΕΠΙΚΡΙΣΕΙΣ

ΕΛΣΙΝΚΙ, 25. (Ρώυτερ). — Ο Φινλανδός Υπουργός Εξωτερικών εδήλωσεν ότι η χώρα του θα συνεχίση να μετέχη της ειρηνευτικής δυνάμεως εις την Κύπρον. ΑΓΚΥΡΑ, 25. (Ασσ. Πρες). — Ο Τούρκος πρωθυπουργός εδήλωσεν ότι η Τουρκία θα υποστηρίξη τους Τουρκοκυπρίους.

ΑΘΗΝΑΙ, 25. — Αφίχθη την 11.30 π.μ. ο Κύπριος Υπουργός Εξωτερικών κ. Κυπριανού. Ο Υπουργός συνωμίλησε με τον πρωθυπουργόν. Εν τω μεταξύ εις την Κύπρον Τουρκοκύπριοι στασιασταί επετέθησαν κατ' αστυνομικών αλλά καθηλώθησαν υπό της φρουράς. Ο στρατηγός Γρίβας αναμένεται αύριον εις τας Αθήνας διά να συνομιλήση με την κυβέρνησιν.

ΚΑΙ ΑΛΛΟΣ ΒΟΥΛΕΥΤΗΣ ΤΗΣ ΕΡΕ ΕΠΙΚΡΙΝΕΙ ΤΗΝ ΚΥΒΕΡΝΗΣΙΝ

ΠΥΡΓΟΣ, 25. — Ο βουλευτής της ΕΡΕ εδήλωσεν ότι η κυβέρνησις δεν ανταποκρίνεται εις τας προσδοκίας του λαού.

ΠΥΡΓΟΣ, 25. — Ο βουλευτής της ΕΡΕ εδήλωσεν ότι η κυβέρνησις δεν ανταποκρίνεται εις τας προσδοκίας του λαού.

ΝΕΑ ΣΥΝΑΝΤΗΣΙΣ ΠΡΩΘΥΠΟΥΡΓΟΥ ΚΑΙ ΚΑΝΕΛΛΟΠΟΥΛΟΥ

ΑΘΗΝΑΙ, 26. — Ο πρωθυπουργός συνηντήθη εκ νέου με τον αρχηγόν της ΕΡΕ κ. Π. Κανελλόπουλον.

ΑΘΗΝΑΙ, 26. — Ο πρωθυπουργός συνηντήθη εκ νέου με τον αρχηγόν της ΕΡΕ κ. Π. Κανελλόπουλον.

ΙΚΑΝΟΠΟΙΕΙΤΑΙ Ο ΑΠΕΙΛΩΝ ΑΡΣΙΝ ΤΗΣ ΕΜΠΙΣΤΟΣΥΝΗΣ

ΑΘΗΝΑΙ, 26. — Ο βουλευτής ο οποίος απειλούσε άρσιν της εμπιστοσύνης ικανοποιείται.

ΑΘΗΝΑΙ, 26. — Ο βουλευτής ο οποίος απειλούσε άρσιν της εμπιστοσύνης ικανοποιείται.

ΞΕΡΡΑΓΗ ΠΥΡΚΑΓΙΑ ΠΑΝΣΙΟΝ ΤΗΣ ΟΙΚΙΑΣ ΤΟΥ κ. Γ. ΠΑΠΑΝΔΡΕΟΥ

ΑΘΗΝΑΙ, 25. — Πυρκαγιά εξερράγη εις πανσιόν πλησίον της οικίας του κ. Γ. Παπανδρέου.

ΑΘΗΝΑΙ, 25. — Πυρκαγιά εξερράγη εις πανσιόν πλησίον της οικίας του κ. Γ. Παπανδρέου.

ΕΛΛΗΝ ΑΣΤΥΝΟΜΙΚΟΣ ΕΠΕΣΕ ΘΥΜΑ ΙΤΑΛΟΥ «ΠΟΡΤΟΦΟΛΑ»

ΠΑΛΕΡΜΟ, 25. (Ασσ. Πρες). — Έλλην αστυνομικός έπεσε θύμα Ιταλού πορτοφολά.

ΠΑΛΕΡΜΟ, 25. (Ασσ. Πρες). — Έλλην αστυνομικός έπεσε θύμα Ιταλού πορτοφολά.

ΜΙΚΡΑΙ ΕΙΔΗΣΕΙΣ ΤΗΣ ΠΟΛΕΩΣ

Ο Δήμος Αθηναίων ανακοινοί ότι κατά την διάρκειαν του θέρους θα λειτουργούν αι υπηρεσίαι καθαριότητος. Η Εταιρεία Ύδρευσης ανακοινοί διακοπήν υδροδοτήσεως.

Ο Δήμος Αθηναίων ανακοινοί ότι κατά την διάρκειαν του θέρους θα λειτουργούν αι υπηρεσίαι καθαριότητος. Η Εταιρεία Ύδρευσης ανακοινοί διακοπήν υδροδοτήσεως.

ΕΞΑΦΑΝΙΣΘΕΙΣΑ ΝΕΑΡΑ ΚΟΡΗ ΑΜΕΡΙΚΑΝΟΥ ΑΝΕΥΡΕΘΗ ΚΟΙΜΩΜΕΝΗ ΕΙΣ ΜΙΑΝ ΒΙΛΛΑΝ ΕΚΙΝΗΤΟΠΟΙΗΘΗ ΤΗΝ ΝΥΚΤΑ Η ΑΣΦΑΛΕΙΑ

Εκινητοποιήθη την νύκτα η Ασφάλεια διά την ανεύρεσιν της νεαράς κόρης Αμερικανού η οποία είχεν εξαφανισθή. Η κόρη ανευρέθη κοιμωμένη εις μίαν βίλλαν.

Εκινητοποιήθη την νύκτα η Ασφάλεια διά την ανεύρεσιν της νεαράς κόρης Αμερικανού η οποία είχεν εξαφανισθή. Η κόρη ανευρέθη κοιμωμένη εις μίαν βίλλαν.

Εκινητοποιήθη την νύκτα η Ασφάλεια διά την ανεύρεσιν της νεαράς κόρης Αμερικανού η οποία είχεν εξαφανισθή. Η κόρη ανευρέθη κοιμωμένη εις μίαν βίλλαν.

Εκινητοποιήθη την νύκτα η Ασφάλεια διά την ανεύρεσιν της νεαράς κόρης Αμερικανού η οποία είχεν εξαφανισθή. Η κόρη ανευρέθη κοιμωμένη εις μίαν βίλλαν.

ΟΙ ΚΕΡΔΙΖΟΝΤΕΣ ΑΡΙΘΜΟΙ ΤΟΥ ΛΑΪΚΟΥ ΛΑΧΕΙΟΥ

ΑΘΗΝΑΙ, 25. — Κατά την κλήρωσιν του Λαϊκού Λαχείου εκέρδισαν οι κάτωθι αριθμοί:

74225   2.000 δραχ. κερδίζουν
95010   3299  7355  8782
14613   14983 15425 17168
21863   23002 25087 27364
30135   32036 35417 36268
40302   41365 43010 44218
46213   46849 48193 49108
57110   58318 59104 61248
65132   67003 68321 69437
71286   72014 75329 78118
81135   82045 84276 86159
88247   89023 90112 91256
93218   95376 96081 97182
'Ανὰ 1.000 δραχ. κερδίζουν
15260   17556 17799 19215
20216   21478 23417 25160
27314   28193 30028 31420
34125   35611 37129 38264
40128   41376 43261 44189
46372   47415 49087 50126
52214   53180 55128 56420
58656   60036 61247 63269
65120   66219 68116 69420
72135   73261 75204 77122
'Ανὰ 40 δραχ. κερδίζουν

Ἐδαφικὰς διεκδικήσεις

προέβαλεν ἡ Ἰαπωνία

πρὸς τὴν Σοβιετ. Ἕνωσιν

Ο κ. ΓΚΡΟΜΙΚΟ, ΟΜΩΣ, ΗΡΝΗΘΗ ΑΚΟΜΗ ΚΑΙ ΝΑ ΤΑΣ ΣΥΖΗΤΗΣΗ

ΤΟΚΙΟ, 25. (Ασσ. Πρες). — Ο Ιάπων Υπουργός Εξωτερικών προέβαλεν εδαφικάς διεκδικήσεις προς την Σοβιετικήν Ένωσιν διά τας νήσους Κουρίλας. Ο Σοβιετικός Υπουργός Εξωτερικών κ. Γκρομίκο ηρνήθη ακόμη και να τας συζητήση. Αι σχέσεις των δύο χωρών παραμένουν τεταμέναι.

ΤΟΚΙΟ, 25. (Ασσ. Πρες). — Ο Ιάπων Υπουργός Εξωτερικών προέβαλεν εδαφικάς διεκδικήσεις προς την Σοβιετικήν Ένωσιν διά τας νήσους Κουρίλας. Ο Σοβιετικός Υπουργός Εξωτερικών κ. Γκρομίκο ηρνήθη ακόμη και να τας συζητήση. Αι σχέσεις των δύο χωρών παραμένουν τεταμέναι.

ΤΟΚΙΟ, 25. (Ασσ. Πρες). — Ο Ιάπων Υπουργός Εξωτερικών προέβαλεν εδαφικάς διεκδικήσεις προς την Σοβιετικήν Ένωσιν διά τας νήσους Κουρίλας. Ο Σοβιετικός Υπουργός Εξωτερικών κ. Γκρομίκο ηρνήθη ακόμη και να τας συζητήση. Αι σχέσεις των δύο χωρών παραμένουν τεταμέναι.
